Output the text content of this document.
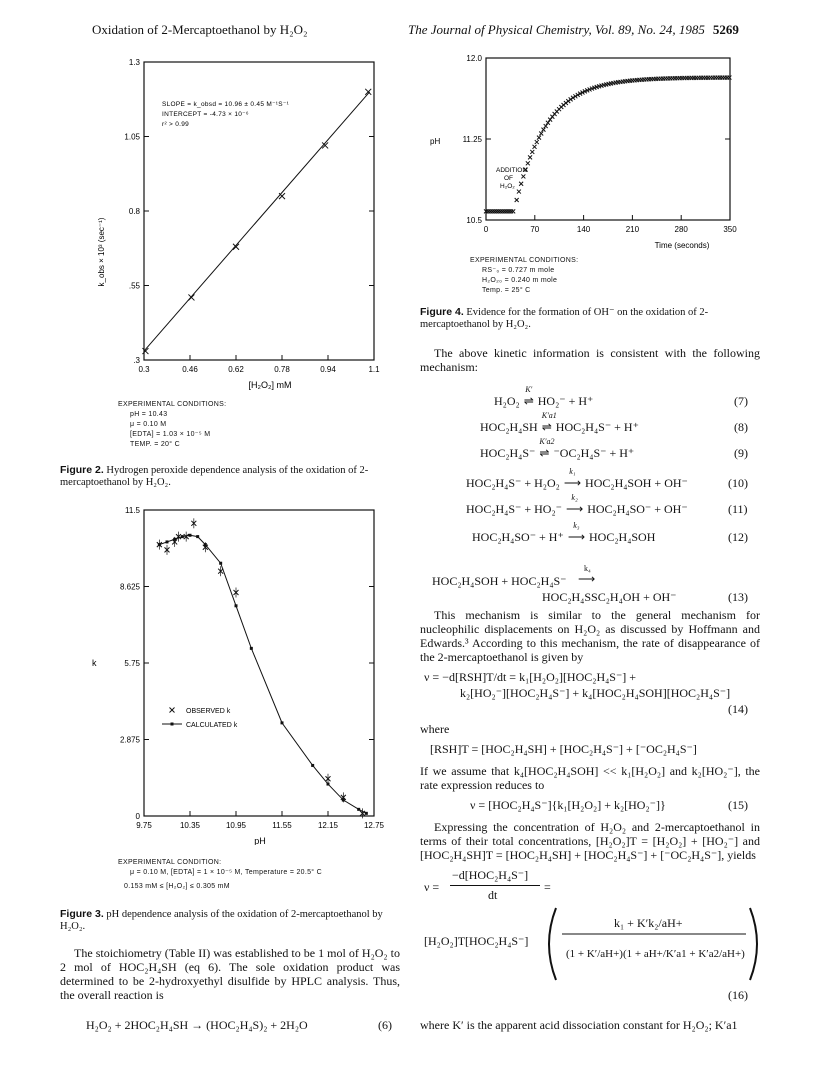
Oxidation of 2-Mercaptoethanol by H₂O₂	The Journal of Physical Chemistry, Vol. 89, No. 24, 1985 5269
0.3	0.46	0.62	0.78	0.94	1.1
.3
.55
0.8
1.05
1.3
SLOPE = k_obsd = 10.96 ± 0.45 M⁻¹S⁻¹
INTERCEPT = -4.73 × 10⁻⁶
r² > 0.99
k_obs × 10³ (sec⁻¹)
[H₂O₂] mM
EXPERIMENTAL CONDITIONS:
pH = 10.43
μ = 0.10 M
[EDTA] = 1.03 × 10⁻⁵ M
TEMP. = 20° C
Figure 2. Hydrogen peroxide dependence analysis of the oxidation of 2-mercaptoethanol by H₂O₂.
9.75	10.35	10.95	11.55	12.15	12.75
0
2.875
5.75
8.625
11.5
OBSERVED k
CALCULATED k
k
pH
EXPERIMENTAL CONDITION:
μ = 0.10 M, [EDTA] = 1 × 10⁻⁵ M, Temperature = 20.5° C
0.153 mM ≤ [H₂O₂] ≤ 0.305 mM
Figure 3. pH dependence analysis of the oxidation of 2-mercaptoethanol by H₂O₂.
The stoichiometry (Table II) was established to be 1 mol of H₂O₂ to 2 mol of HOC₂H₄SH (eq 6). The sole oxidation product was determined to be 2-hydroxyethyl disulfide by HPLC analysis. Thus, the overall reaction is
H₂O₂ + 2HOC₂H₄SH → (HOC₂H₄S)₂ + 2H₂O	(6)
0	70	140	210	280	350
10.5
11.25
12.0
ADDITION
OF
H₂O₂
pH
Time (seconds)
EXPERIMENTAL CONDITIONS:
RS⁻₀ = 0.727 m mole
H₂O₂₀ = 0.240 m mole
Temp. = 25° C
Figure 4. Evidence for the formation of OH⁻ on the oxidation of 2-mercaptoethanol by H₂O₂.
The above kinetic information is consistent with the following mechanism:
H₂O₂ ⇌
K′
HO₂⁻ + H⁺	(7)
HOC₂H₄SH ⇌
K′a1
HOC₂H₄S⁻ + H⁺	(8)
HOC₂H₄S⁻ ⇌
K′a2
⁻OC₂H₄S⁻ + H⁺	(9)
HOC₂H₄S⁻ + H₂O₂ ⟶
k₁
HOC₂H₄SOH + OH⁻	(10)
HOC₂H₄S⁻ + HO₂⁻ ⟶
k₂
HOC₂H₄SO⁻ + OH⁻	(11)
HOC₂H₄SO⁻ + H⁺ ⟶
k₃
HOC₂H₄SOH	(12)
HOC₂H₄SOH + HOC₂H₄S⁻
k₄
⟶
HOC₂H₄SSC₂H₄OH + OH⁻	(13)
This mechanism is similar to the general mechanism for nucleophilic displacements on H₂O₂ as discussed by Hoffmann and Edwards.³ According to this mechanism, the rate of disappearance of the 2-mercaptoethanol is given by
ν = −d[RSH]T/dt = k₁[H₂O₂][HOC₂H₄S⁻] +
k₂[HO₂⁻][HOC₂H₄S⁻] + k₄[HOC₂H₄SOH][HOC₂H₄S⁻]
(14)
where
[RSH]T = [HOC₂H₄SH] + [HOC₂H₄S⁻] + [⁻OC₂H₄S⁻]
If we assume that k₄[HOC₂H₄SOH] << k₁[H₂O₂] and k₂[HO₂⁻], the rate expression reduces to
ν = [HOC₂H₄S⁻]{k₁[H₂O₂] + k₂[HO₂⁻]}	(15)
Expressing the concentration of H₂O₂ and 2-mercaptoethanol in terms of their total concentrations, [H₂O₂]T = [H₂O₂] + [HO₂⁻] and [HOC₂H₄SH]T = [HOC₂H₄SH] + [HOC₂H₄S⁻] + [⁻OC₂H₄S⁻], yields
ν =
−d[HOC₂H₄S⁻]
dt
=
[H₂O₂]T[HOC₂H₄S⁻]
k₁ + K′k₂/aH+
(1 + K′/aH+)(1 + aH+/K′a1 + K′a2/aH+)
(16)
where K′ is the apparent acid dissociation constant for H₂O₂; K′a1
